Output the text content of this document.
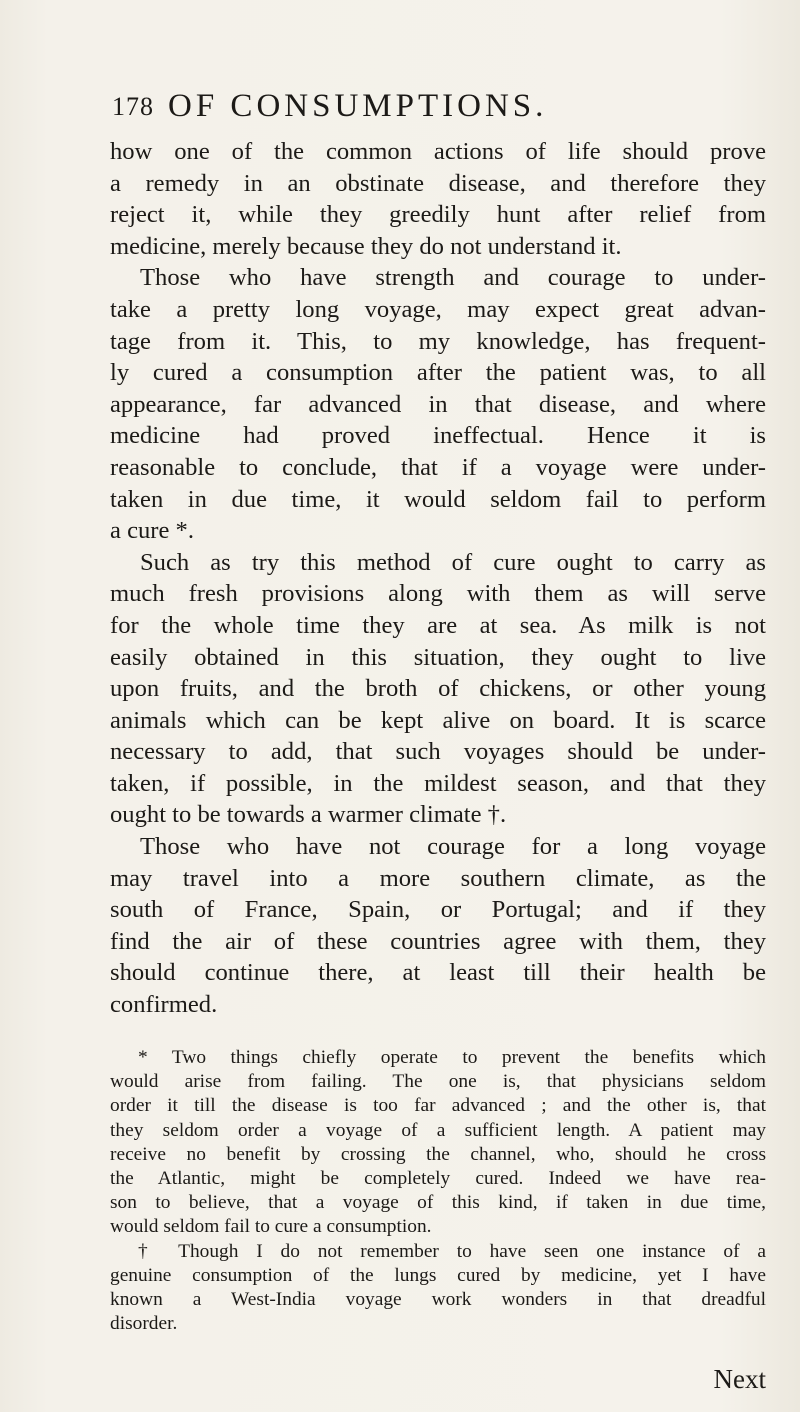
178 OF CONSUMPTIONS.
how one of the common actions of life should prove
a remedy in an obstinate disease, and therefore they
reject it, while they greedily hunt after relief from
medicine, merely because they do not understand it.
Those who have strength and courage to under-
take a pretty long voyage, may expect great advan-
tage from it. This, to my knowledge, has frequent-
ly cured a consumption after the patient was, to all
appearance, far advanced in that disease, and where
medicine had proved ineffectual. Hence it is
reasonable to conclude, that if a voyage were under-
taken in due time, it would seldom fail to perform
a cure *.
Such as try this method of cure ought to carry as
much fresh provisions along with them as will serve
for the whole time they are at sea. As milk is not
easily obtained in this situation, they ought to live
upon fruits, and the broth of chickens, or other young
animals which can be kept alive on board. It is scarce
necessary to add, that such voyages should be under-
taken, if possible, in the mildest season, and that they
ought to be towards a warmer climate †.
Those who have not courage for a long voyage
may travel into a more southern climate, as the
south of France, Spain, or Portugal; and if they
find the air of these countries agree with them, they
should continue there, at least till their health be
confirmed.
* Two things chiefly operate to prevent the benefits which
would arise from failing. The one is, that physicians seldom
order it till the disease is too far advanced ; and the other is, that
they seldom order a voyage of a sufficient length. A patient may
receive no benefit by crossing the channel, who, should he cross
the Atlantic, might be completely cured. Indeed we have rea-
son to believe, that a voyage of this kind, if taken in due time,
would seldom fail to cure a consumption.
† Though I do not remember to have seen one instance of a
genuine consumption of the lungs cured by medicine, yet I have
known a West-India voyage work wonders in that dreadful
disorder.
Next
